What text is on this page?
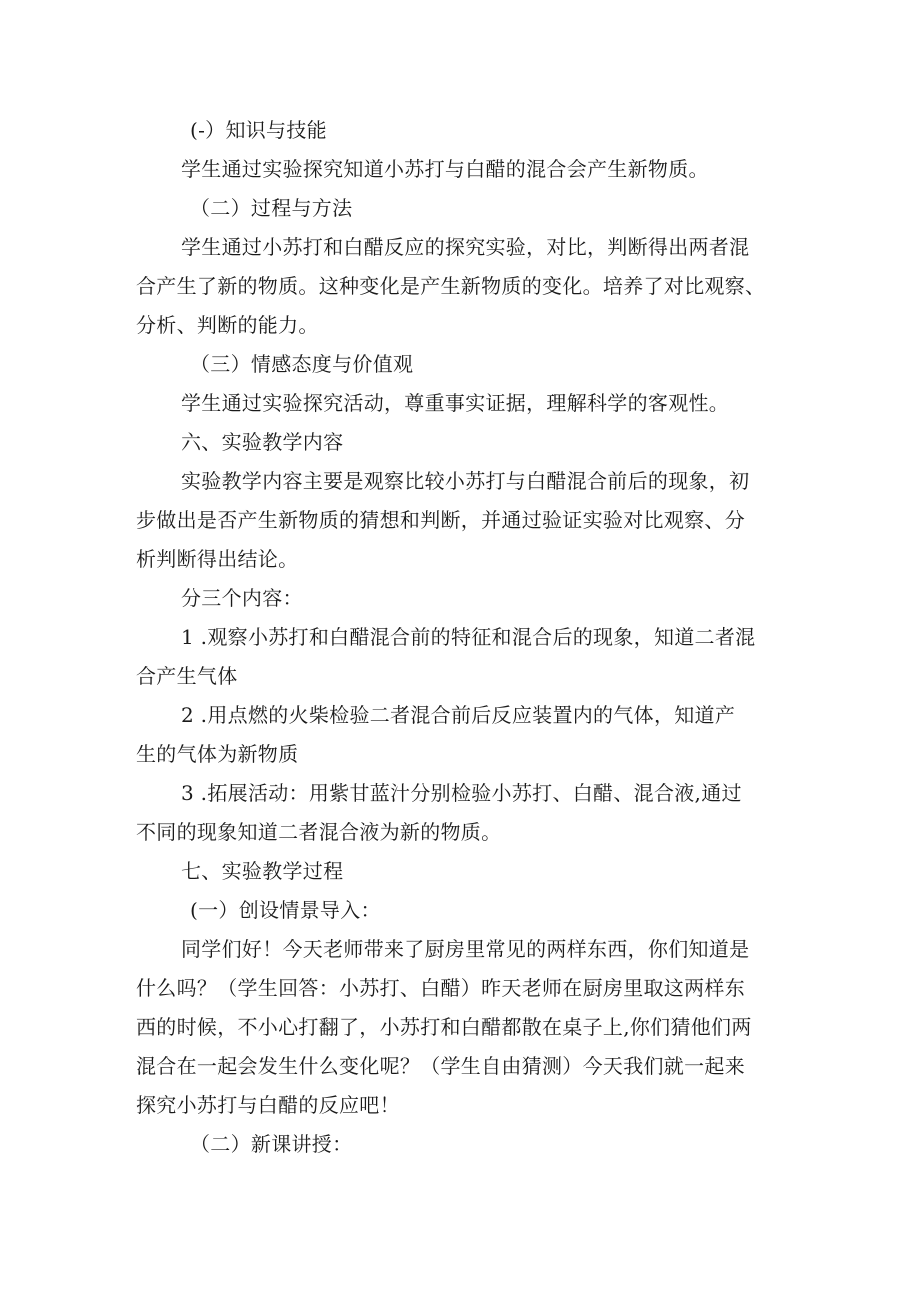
(-）知识与技能
学生通过实验探究知道小苏打与白醋的混合会产生新物质。
（二）过程与方法
学生通过小苏打和白醋反应的探究实验，对比，判断得出两者混
合产生了新的物质。这种变化是产生新物质的变化。培养了对比观察、
分析、判断的能力。
（三）情感态度与价值观
学生通过实验探究活动，尊重事实证据，理解科学的客观性。
六、实验教学内容
实验教学内容主要是观察比较小苏打与白醋混合前后的现象，初
步做出是否产生新物质的猜想和判断，并通过验证实验对比观察、分
析判断得出结论。
分三个内容：
1 .观察小苏打和白醋混合前的特征和混合后的现象，知道二者混
合产生气体
2 .用点燃的火柴检验二者混合前后反应装置内的气体，知道产
生的气体为新物质
3 .拓展活动：用紫甘蓝汁分别检验小苏打、白醋、混合液,通过
不同的现象知道二者混合液为新的物质。
七、实验教学过程
(一）创设情景导入：
同学们好！今天老师带来了厨房里常见的两样东西，你们知道是
什么吗？（学生回答：小苏打、白醋）昨天老师在厨房里取这两样东
西的时候，不小心打翻了，小苏打和白醋都散在桌子上,你们猜他们两
混合在一起会发生什么变化呢？（学生自由猜测）今天我们就一起来
探究小苏打与白醋的反应吧！
（二）新课讲授：
